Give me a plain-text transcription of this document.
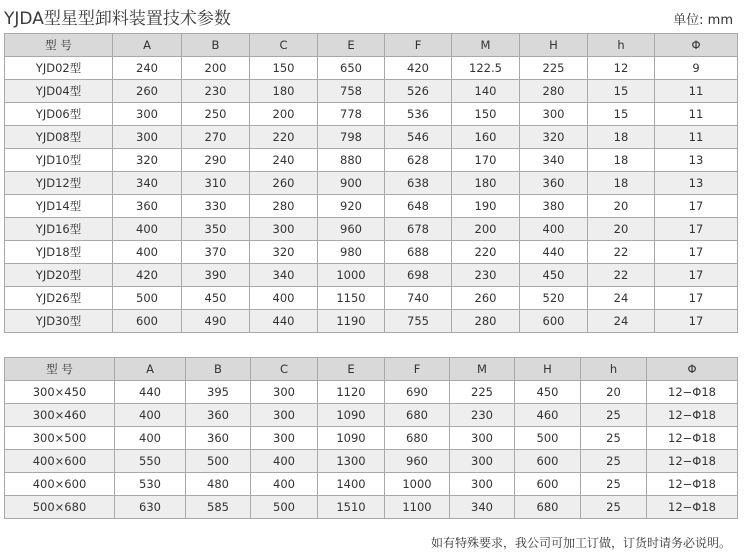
YJDA型星型卸料装置技术参数	单位: mm
型 号	A	B	C	E	F	M	H	h	Φ
YJD02型	240	200	150	650	420	122.5	225	12	9
YJD04型	260	230	180	758	526	140	280	15	11
YJD06型	300	250	200	778	536	150	300	15	11
YJD08型	300	270	220	798	546	160	320	18	11
YJD10型	320	290	240	880	628	170	340	18	13
YJD12型	340	310	260	900	638	180	360	18	13
YJD14型	360	330	280	920	648	190	380	20	17
YJD16型	400	350	300	960	678	200	400	20	17
YJD18型	400	370	320	980	688	220	440	22	17
YJD20型	420	390	340	1000	698	230	450	22	17
YJD26型	500	450	400	1150	740	260	520	24	17
YJD30型	600	490	440	1190	755	280	600	24	17
型 号	A	B	C	E	F	M	H	h	Φ
300×450	440	395	300	1120	690	225	450	20	12−Φ18
300×460	400	360	300	1090	680	230	460	25	12−Φ18
300×500	400	360	300	1090	680	300	500	25	12−Φ18
400×600	550	500	400	1300	960	300	600	25	12−Φ18
400×600	530	480	400	1400	1000	300	600	25	12−Φ18
500×680	630	585	500	1510	1100	340	680	25	12−Φ18
如有特殊要求，我公司可加工订做，订货时请务必说明。
